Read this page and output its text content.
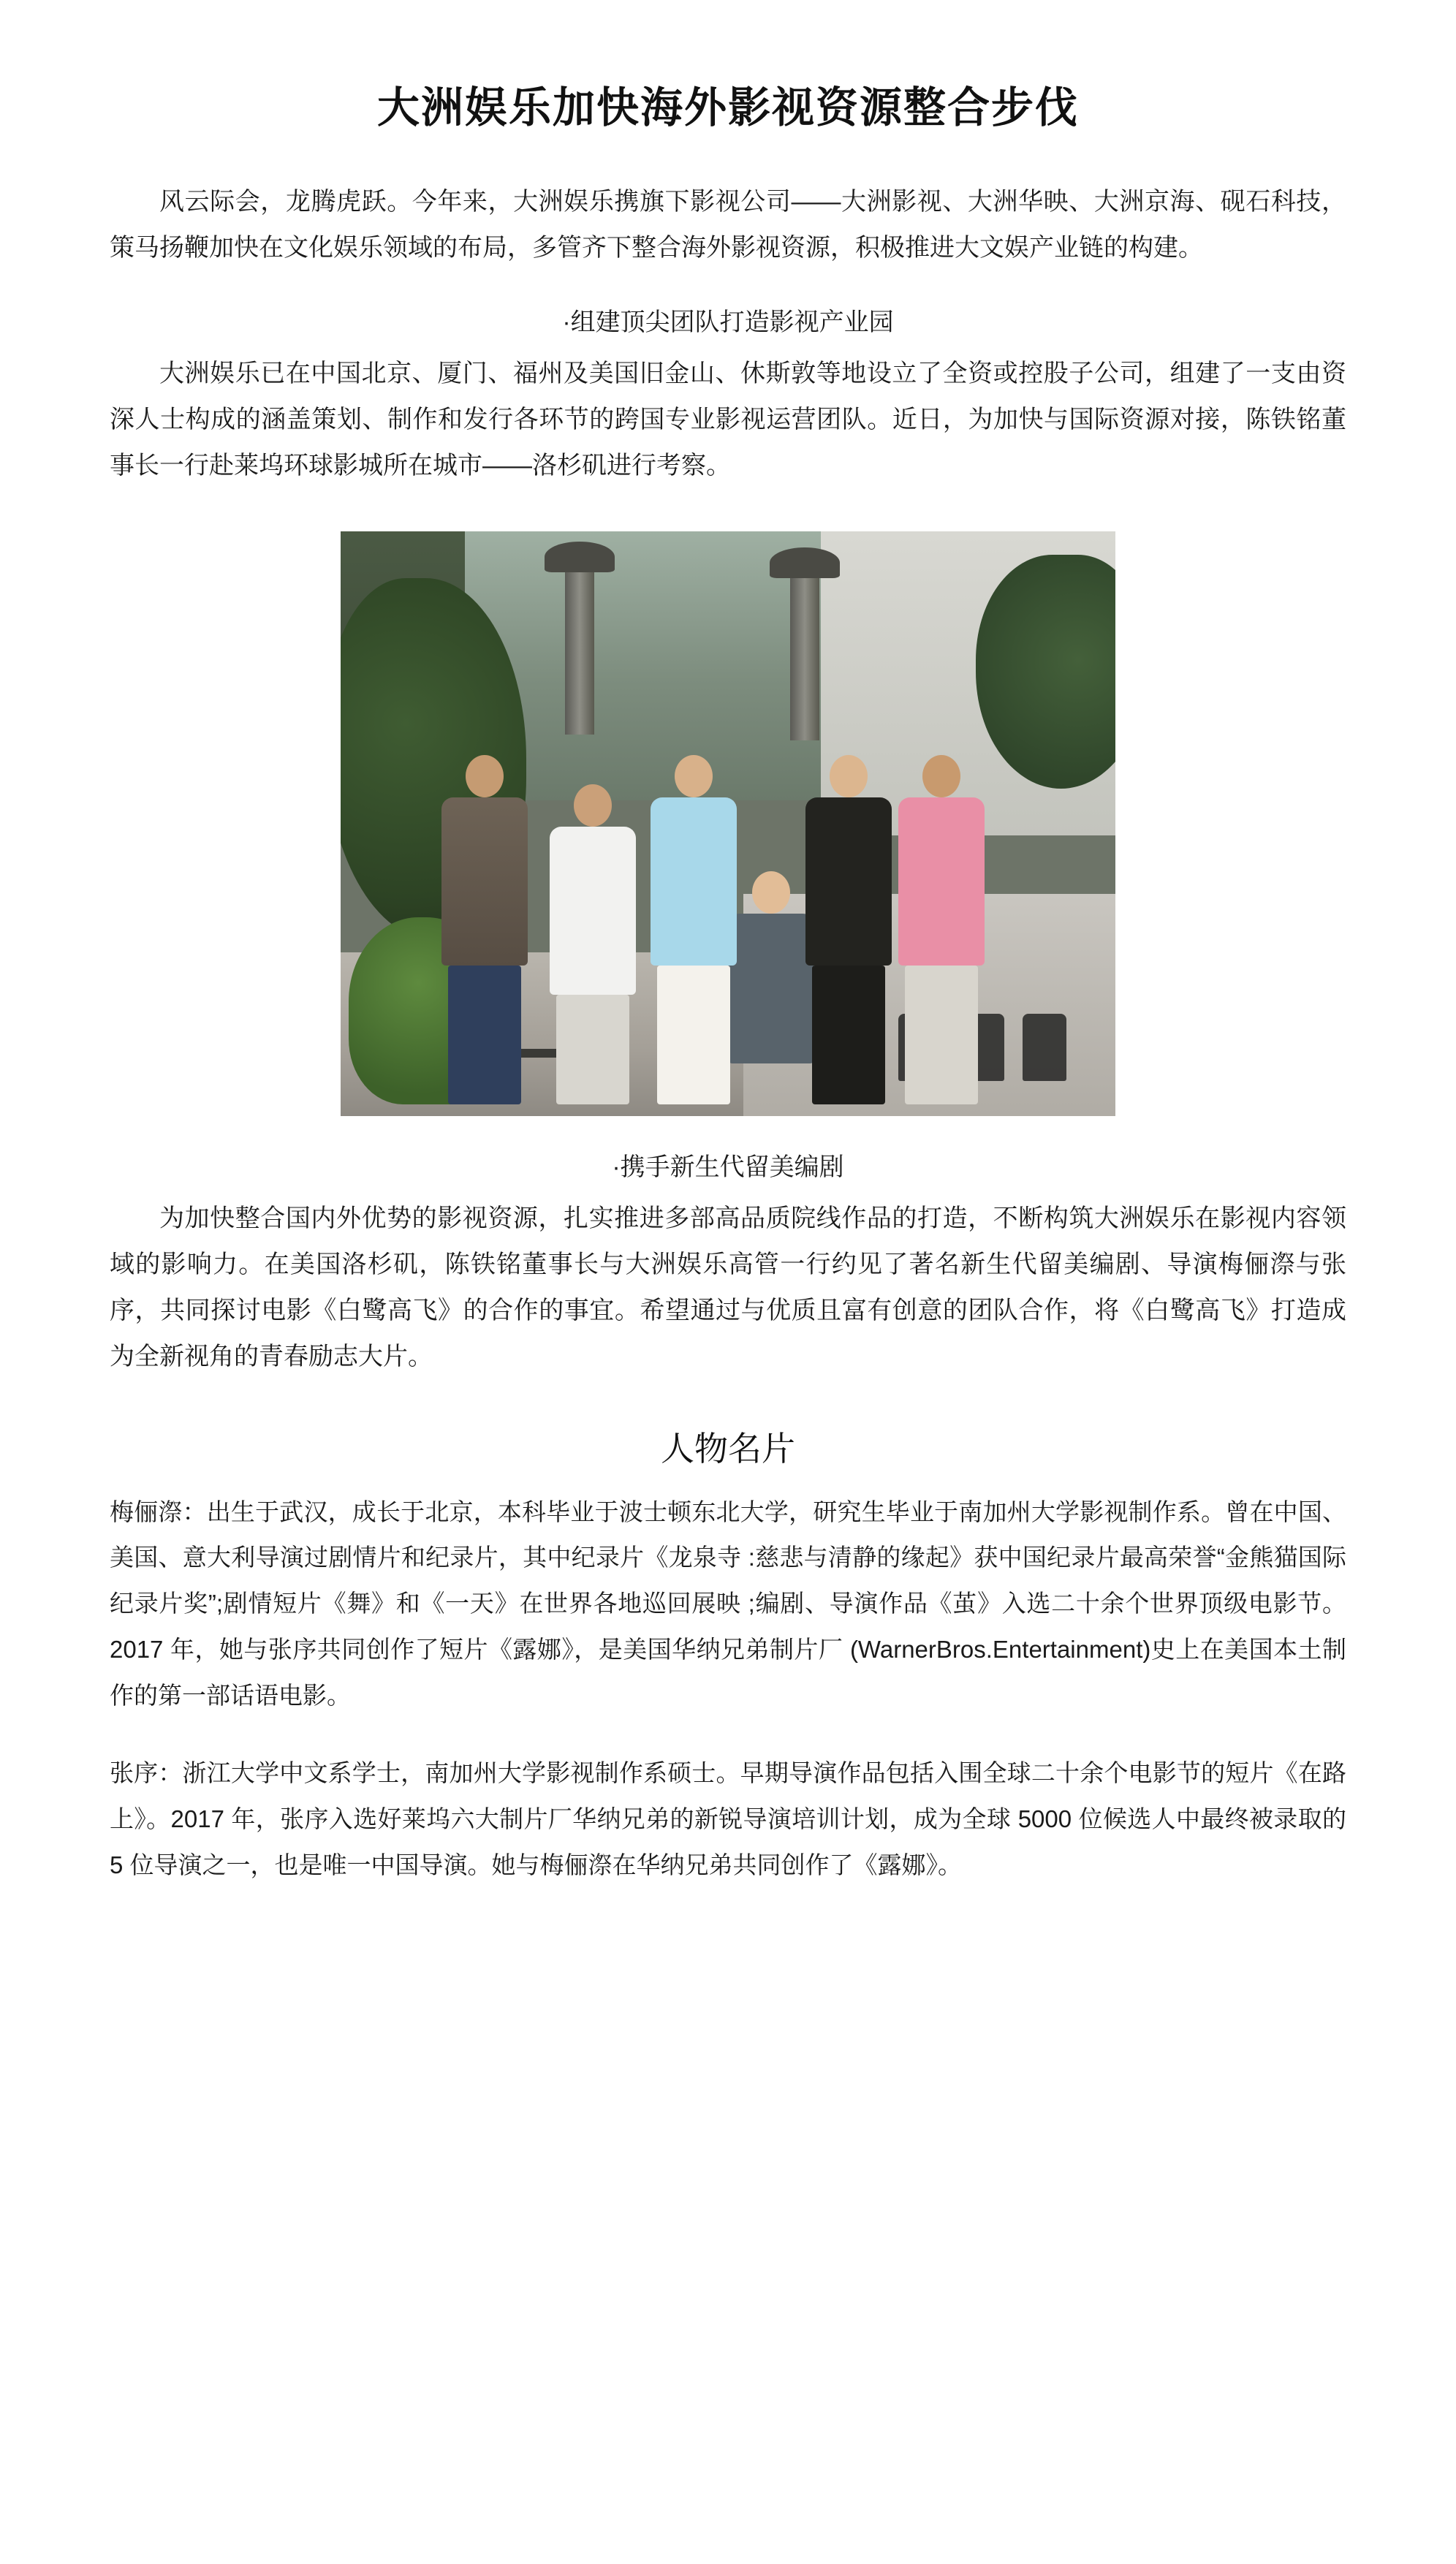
大洲娱乐加快海外影视资源整合步伐

风云际会，龙腾虎跃。今年来，大洲娱乐携旗下影视公司——大洲影视、大洲华映、大洲京海、砚石科技，策马扬鞭加快在文化娱乐领域的布局，多管齐下整合海外影视资源，积极推进大文娱产业链的构建。

·组建顶尖团队打造影视产业园

大洲娱乐已在中国北京、厦门、福州及美国旧金山、休斯敦等地设立了全资或控股子公司，组建了一支由资深人士构成的涵盖策划、制作和发行各环节的跨国专业影视运营团队。近日，为加快与国际资源对接，陈铁铭董事长一行赴莱坞环球影城所在城市——洛杉矶进行考察。

·携手新生代留美编剧

为加快整合国内外优势的影视资源，扎实推进多部高品质院线作品的打造，不断构筑大洲娱乐在影视内容领域的影响力。在美国洛杉矶，陈铁铭董事长与大洲娱乐高管一行约见了著名新生代留美编剧、导演梅俪漈与张序，共同探讨电影《白鹭高飞》的合作的事宜。希望通过与优质且富有创意的团队合作，将《白鹭高飞》打造成为全新视角的青春励志大片。

人物名片

梅俪漈：出生于武汉，成长于北京，本科毕业于波士顿东北大学，研究生毕业于南加州大学影视制作系。曾在中国、美国、意大利导演过剧情片和纪录片，其中纪录片《龙泉寺 :慈悲与清静的缘起》获中国纪录片最高荣誉“金熊猫国际纪录片奖”;剧情短片《舞》和《一天》在世界各地巡回展映 ;编剧、导演作品《茧》入选二十余个世界顶级电影节。2017 年，她与张序共同创作了短片《露娜》，是美国华纳兄弟制片厂 (WarnerBros.Entertainment)史上在美国本土制作的第一部话语电影。

张序：浙江大学中文系学士，南加州大学影视制作系硕士。早期导演作品包括入围全球二十余个电影节的短片《在路上》。2017 年，张序入选好莱坞六大制片厂华纳兄弟的新锐导演培训计划，成为全球 5000 位候选人中最终被录取的 5 位导演之一，也是唯一中国导演。她与梅俪漈在华纳兄弟共同创作了《露娜》。
